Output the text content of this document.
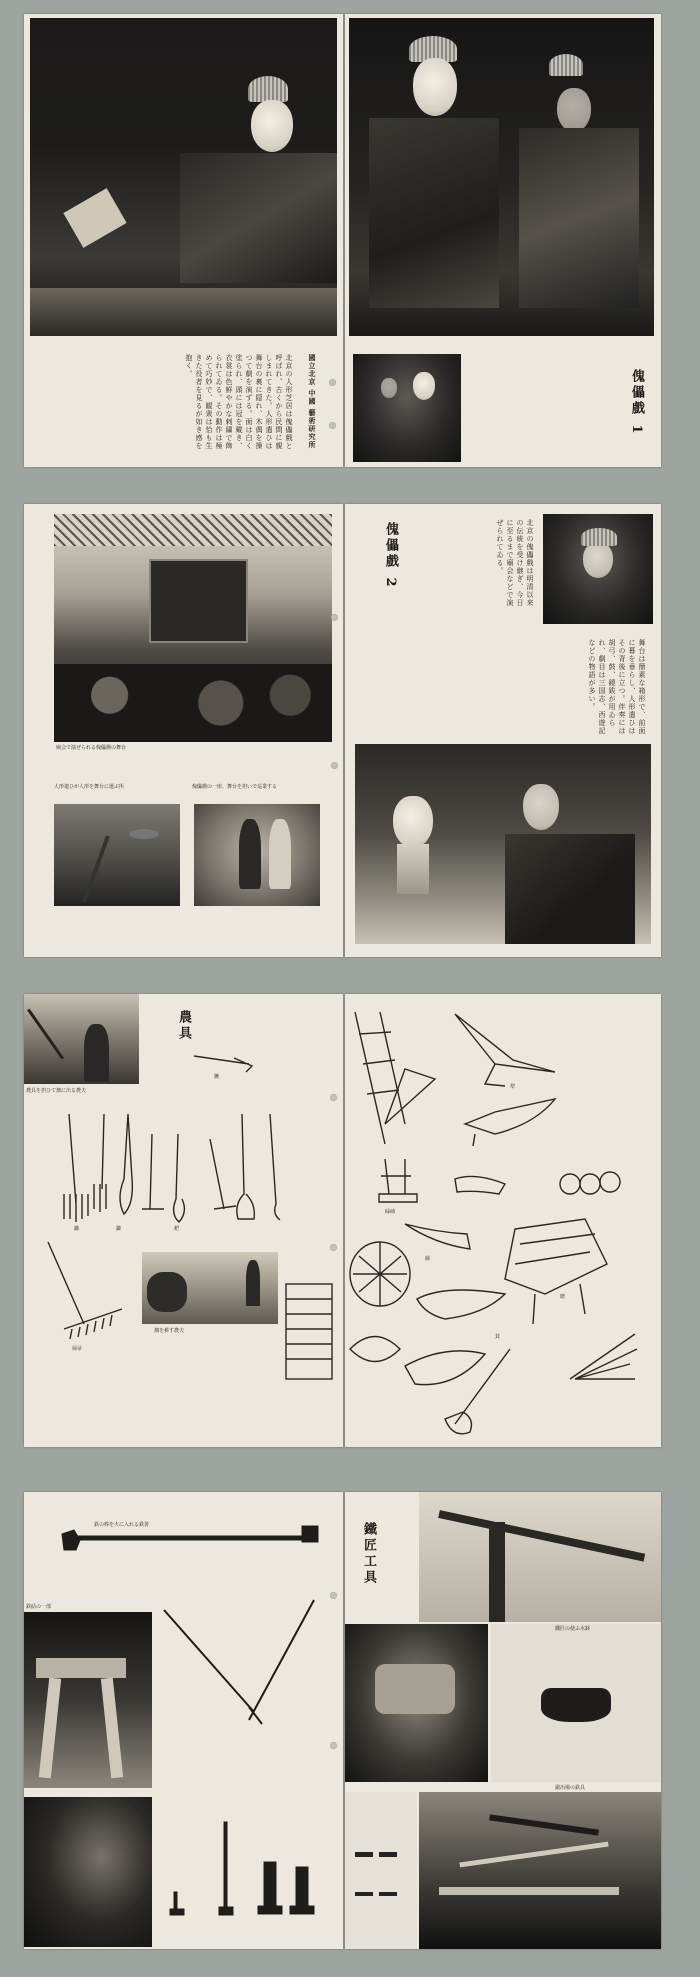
北京の人形芝居は傀儡戲と呼ばれ、古くから民間に親しまれてきた。人形遣ひは舞台の裏に隠れ、木偶を操つて劇を演ずる。面は白く塗られ、頭には冠を戴き、衣裳は色鮮やかな刺繍で飾られてゐる。その動作は極めて巧妙で、観衆は恰も生きた役者を見るが如き感を抱く。	國立北京 中國 藝術研究所	傀儡戲 1
廟会で演ぜられる傀儡戲の舞台
人形遣ひが人形を舞台に運ぶ所	傀儡戲の一座、舞台を担いで巡業する
傀儡戲 2	北京の傀儡戲は明清以来の伝統を受け継ぎ、今日に至るまで廟会などで演ぜられてゐる。
舞台は簡素な箱形で、前面に幕を垂らし、人形遣ひはその背後に立つ。伴奏には胡弓、鼓、鐃鈸が用ゐられ、劇目は三国志、西遊記などの物語が多い。
農具を担ひて畑に出る農夫
農具
畑を耕す農夫
鍬
鋤	鎌	耙
掃帚
犂
篩
箕
磨
碌碡
鉄の棒を火に入れる鉄箸
鉄砧の一部
鐵匠工具
鐵匠の使ふ水鉢
鍛冶場の鉄具
